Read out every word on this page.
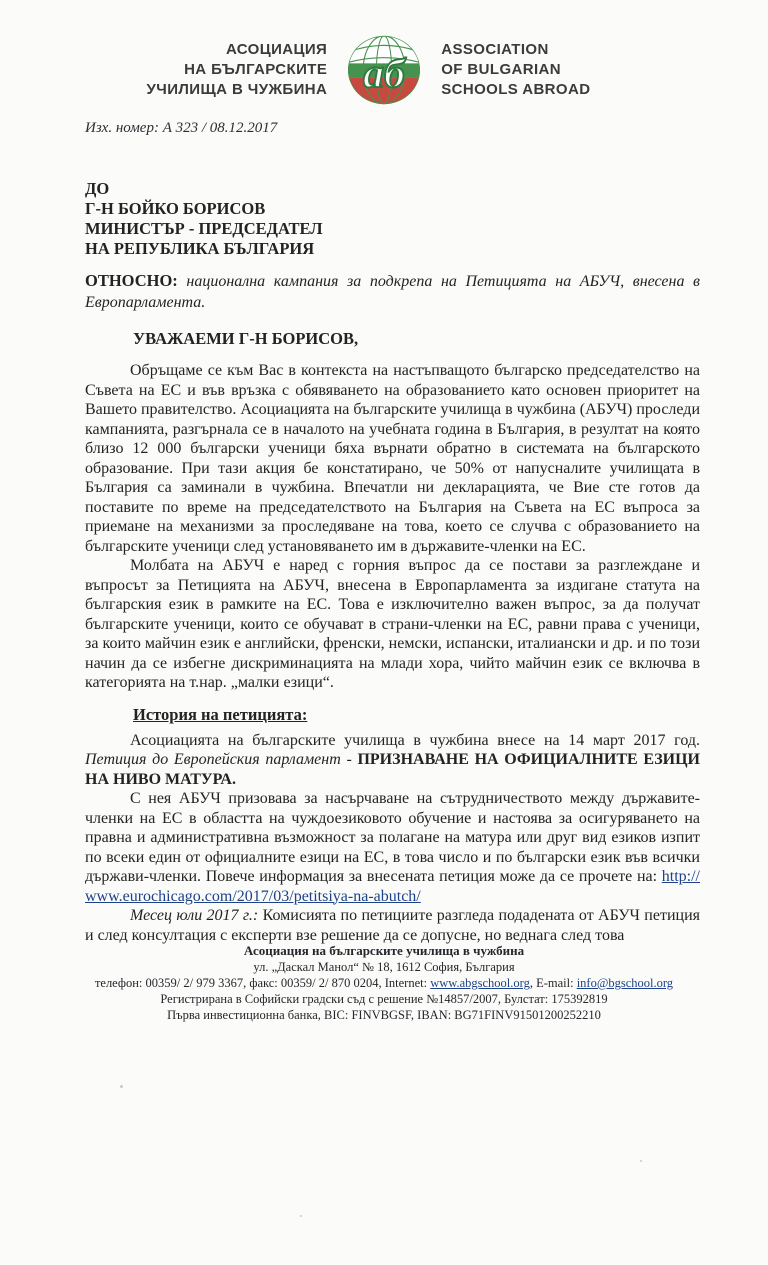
АСОЦИАЦИЯ
НА БЪЛГАРСКИТЕ
УЧИЛИЩА В ЧУЖБИНА аб
ASSOCIATION
OF BULGARIAN
SCHOOLS ABROAD
Изх. номер: А 323 / 08.12.2017
ДО
Г-Н БОЙКО БОРИСОВ
МИНИСТЪР - ПРЕДСЕДАТЕЛ
НА РЕПУБЛИКА БЪЛГАРИЯ

ОТНОСНО: национална кампания за подкрепа на Петицията на АБУЧ, внесена в Европарламента.

УВАЖАЕМИ Г-Н БОРИСОВ,

Обръщаме се към Вас в контекста на настъпващото българско председателство на Съвета на ЕС и във връзка с обявяването на образованието като основен приоритет на Вашето правителство. Асоциацията на българските училища в чужбина (АБУЧ) проследи кампанията, разгърнала се в началото на учебната година в България, в резултат на която близо 12 000 български ученици бяха върнати обратно в системата на българското образование. При тази акция бе констатирано, че 50% от напусналите училищата в България са заминали в чужбина. Впечатли ни декларацията, че Вие сте готов да поставите по време на председателството на България на Съвета на ЕС въпроса за приемане на механизми за проследяване на това, което се случва с образованието на българските ученици след установяването им в държавите-членки на ЕС.

Молбата на АБУЧ е наред с горния въпрос да се постави за разглеждане и въпросът за Петицията на АБУЧ, внесена в Европарламента за издигане статута на българския език в рамките на ЕС. Това е изключително важен въпрос, за да получат българските ученици, които се обучават в страни-членки на ЕС, равни права с ученици, за които майчин език е английски, френски, немски, испански, италиански и др. и по този начин да се избегне дискриминацията на млади хора, чийто майчин език се включва в категорията на т.нар. „малки езици“.

История на петицията:

Асоциацията на българските училища в чужбина внесе на 14 март 2017 год. Петиция до Европейския парламент - ПРИЗНАВАНЕ НА ОФИЦИАЛНИТЕ ЕЗИЦИ НА НИВО МАТУРА.

С нея АБУЧ призовава за насърчаване на сътрудничеството между държавите-членки на ЕС в областта на чуждоезиковото обучение и настоява за осигуряването на правна и административна възможност за полагане на матура или друг вид езиков изпит по всеки един от официалните езици на ЕС, в това число и по български език във всички държави-членки. Повече информация за внесената петиция може да се прочете на: http://www.eurochicago.com/2017/03/petitsiya-na-abutch/

Месец юли 2017 г.: Комисията по петициите разгледа подадената от АБУЧ петиция и след консултация с експерти взе решение да се допусне, но веднага след това

Асоциация на българските училища в чужбина
ул. „Даскал Манол“ № 18, 1612 София, България
телефон: 00359/ 2/ 979 3367, факс: 00359/ 2/ 870 0204, Internet: www.abgschool.org, E-mail: info@bgschool.org
Регистрирана в Софийски градски съд с решение №14857/2007, Булстат: 175392819
Първа инвестиционна банка, BIC: FINVBGSF, IBAN: BG71FINV91501200252210
